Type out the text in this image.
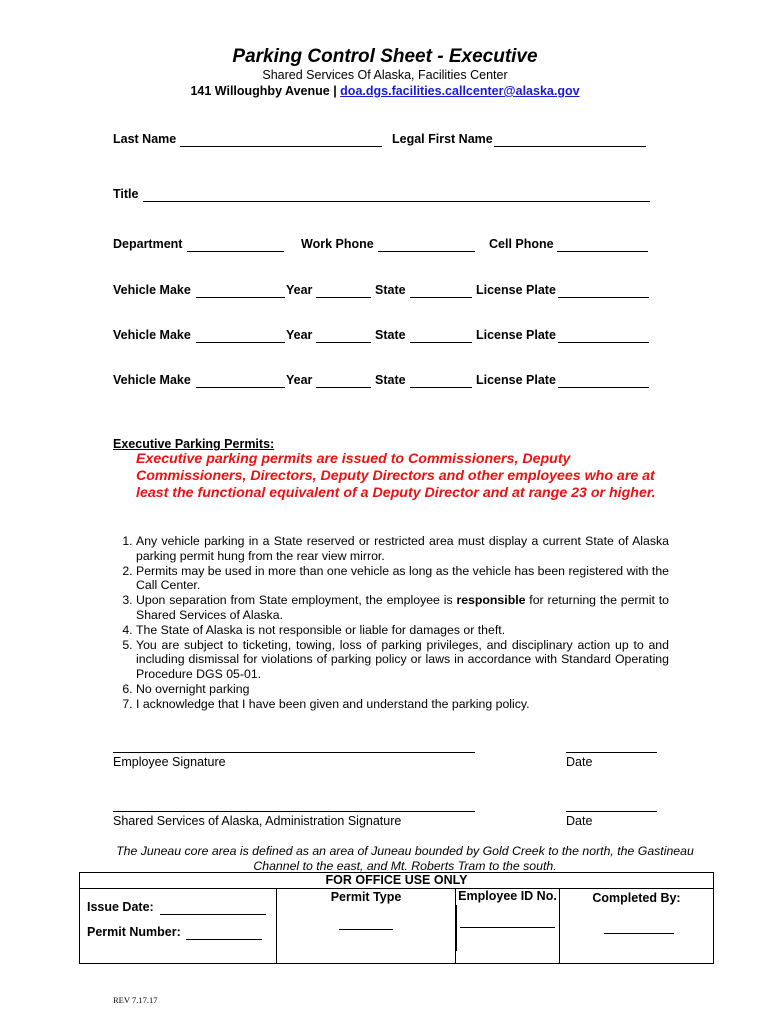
Parking Control Sheet - Executive
Shared Services Of Alaska, Facilities Center
141 Willoughby Avenue | doa.dgs.facilities.callcenter@alaska.gov
Last Name	Legal First Name
Title
Department	Work Phone	Cell Phone
Vehicle Make	Year	State	License Plate
Vehicle Make	Year	State	License Plate
Vehicle Make	Year	State	License Plate
Executive Parking Permits:
Executive parking permits are issued to Commissioners, Deputy Commissioners, Directors, Deputy Directors and other employees who are at least the functional equivalent of a Deputy Director and at range 23 or higher.
1. Any vehicle parking in a State reserved or restricted area must display a current State of Alaska parking permit hung from the rear view mirror.
2. Permits may be used in more than one vehicle as long as the vehicle has been registered with the Call Center.
3. Upon separation from State employment, the employee is responsible for returning the permit to Shared Services of Alaska.
4. The State of Alaska is not responsible or liable for damages or theft.
5. You are subject to ticketing, towing, loss of parking privileges, and disciplinary action up to and including dismissal for violations of parking policy or laws in accordance with Standard Operating Procedure DGS 05-01.
6. No overnight parking
7. I acknowledge that I have been given and understand the parking policy.
Employee Signature	Date
Shared Services of Alaska, Administration Signature	Date
The Juneau core area is defined as an area of Juneau bounded by Gold Creek to the north, the Gastineau Channel to the east, and Mt. Roberts Tram to the south.
FOR OFFICE USE ONLY

Issue Date:
Permit Number:

Permit Type	Employee ID No.	Completed By:
REV 7.17.17
